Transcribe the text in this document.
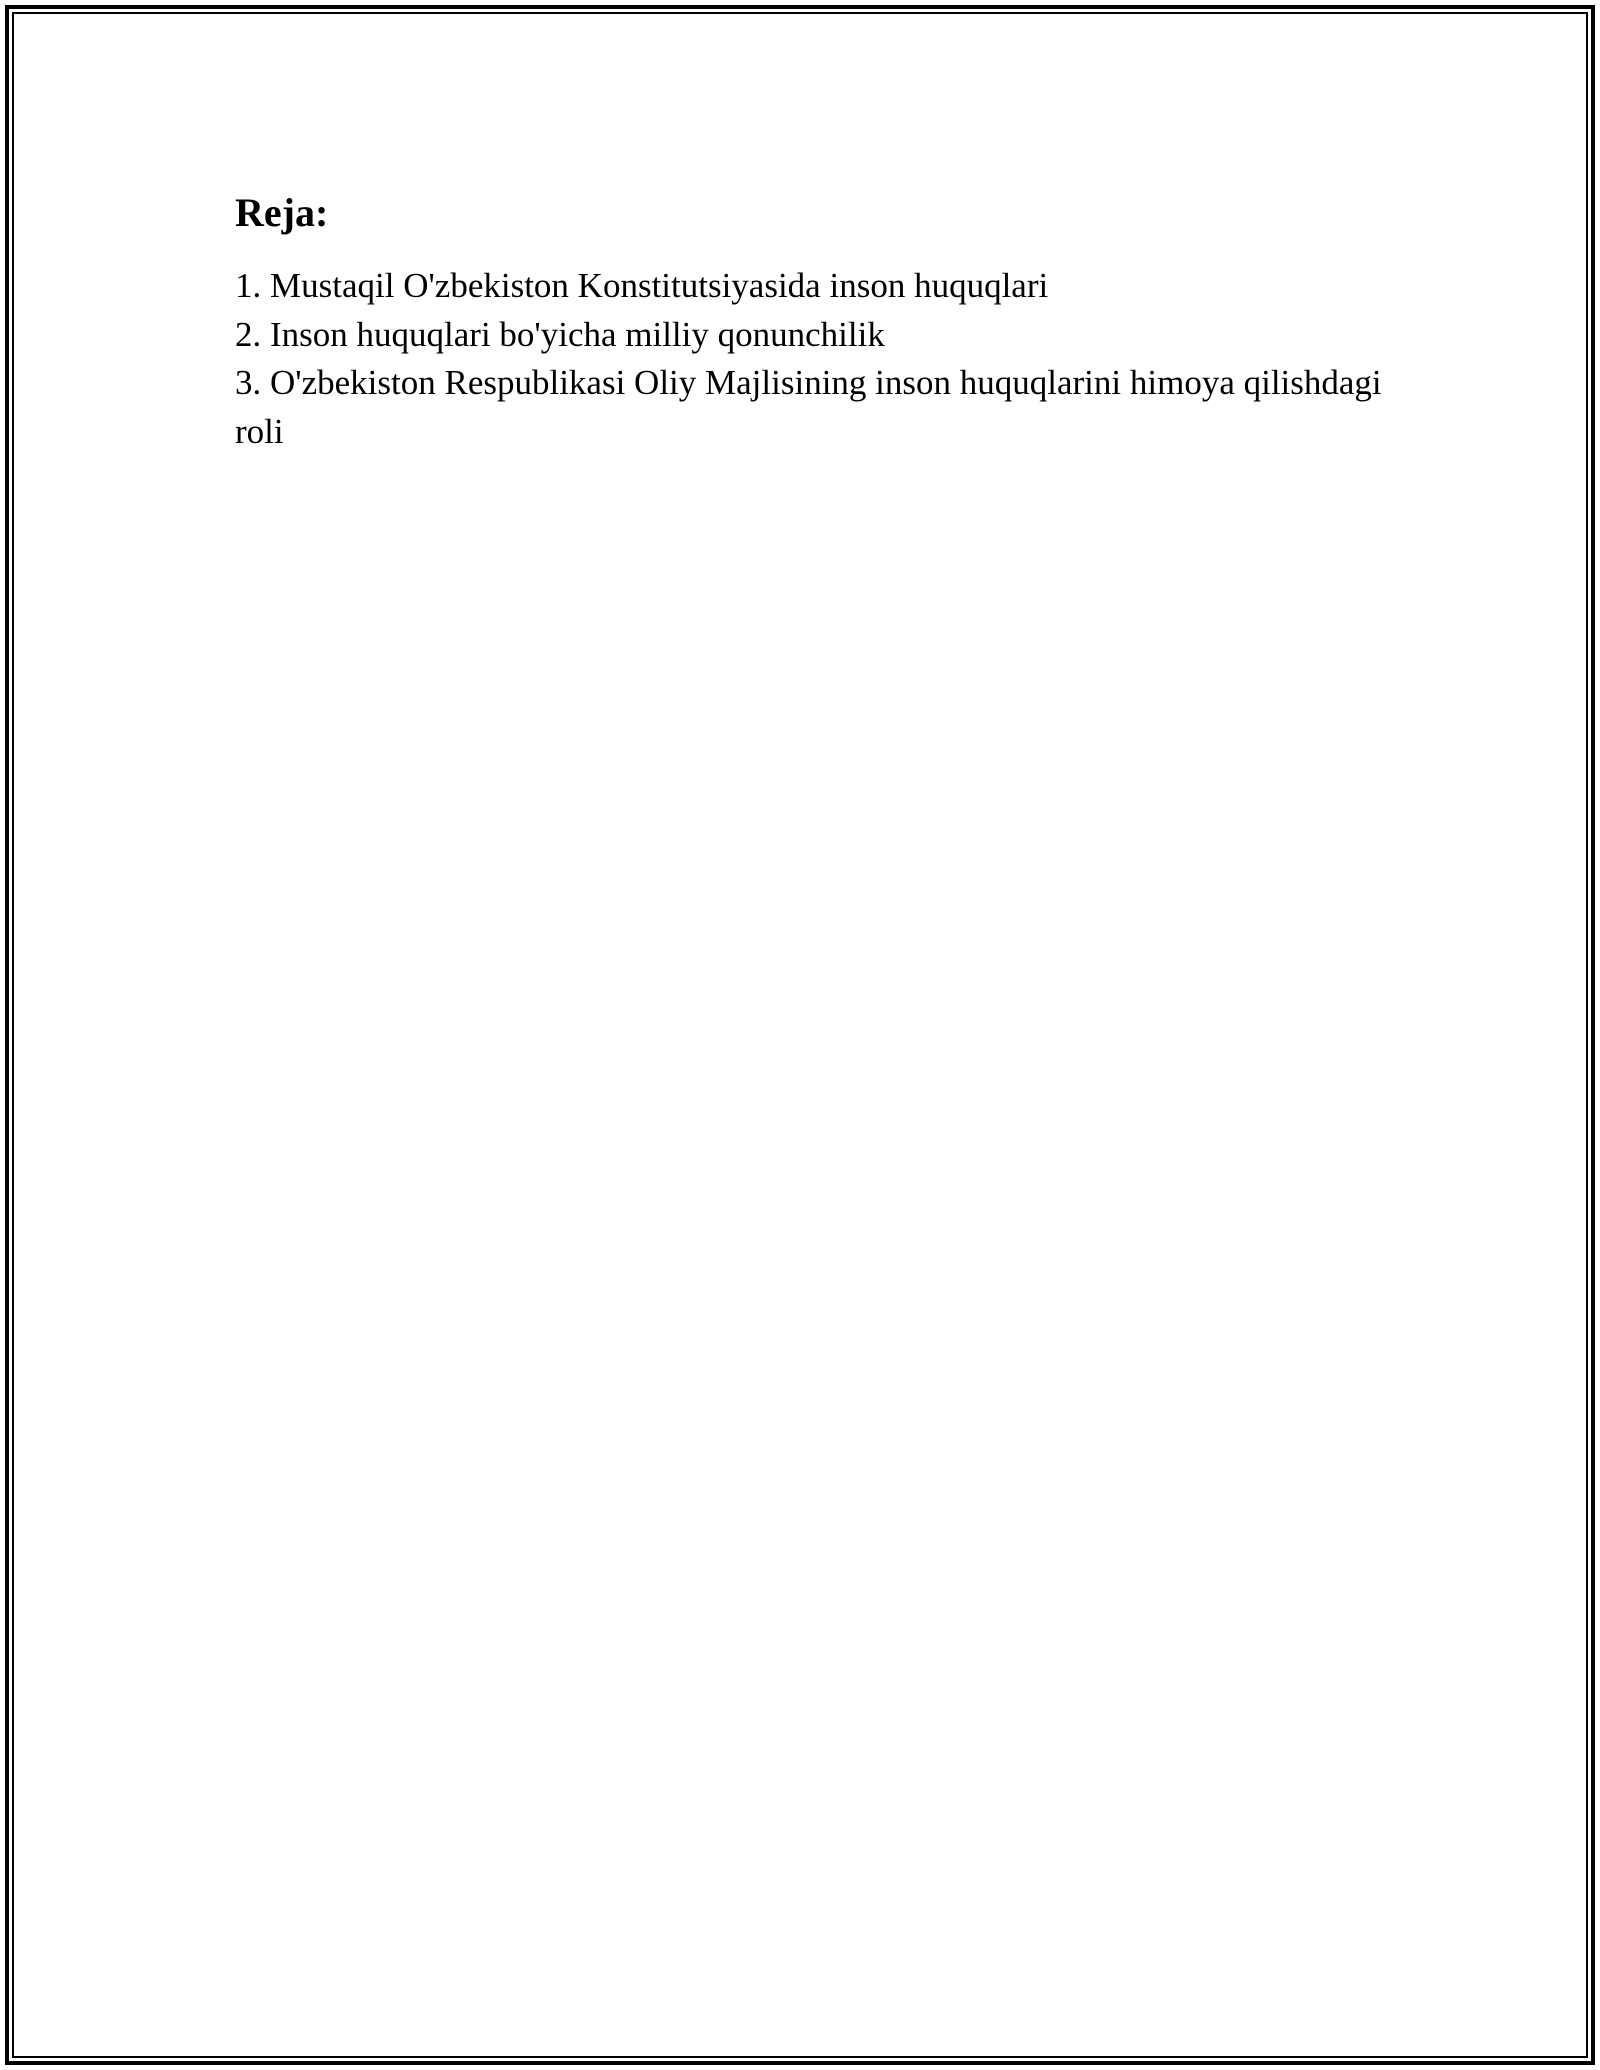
Reja:
1. Mustaqil O'zbekiston Konstitutsiyasida inson huquqlari
2. Inson huquqlari bo'yicha milliy qonunchilik
3. O'zbekiston Respublikasi Oliy Majlisining inson huquqlarini himoya qilishdagi roli
